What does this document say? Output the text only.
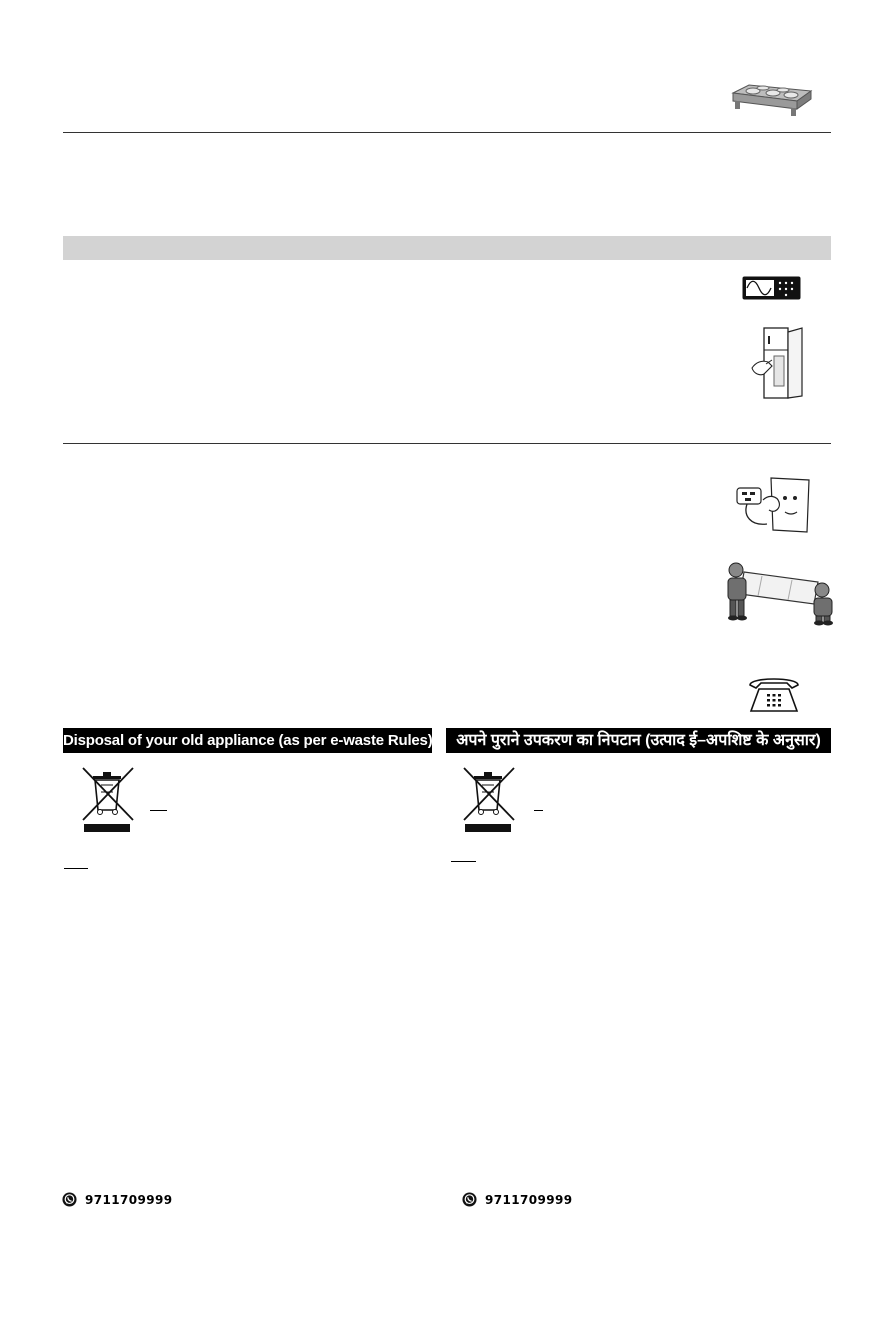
Disposal of your old appliance (as per e-waste Rules)	अपने पुराने उपकरण का निपटान (उत्पाद ई–अपशिष्ट के अनुसार)
9711709999	9711709999
